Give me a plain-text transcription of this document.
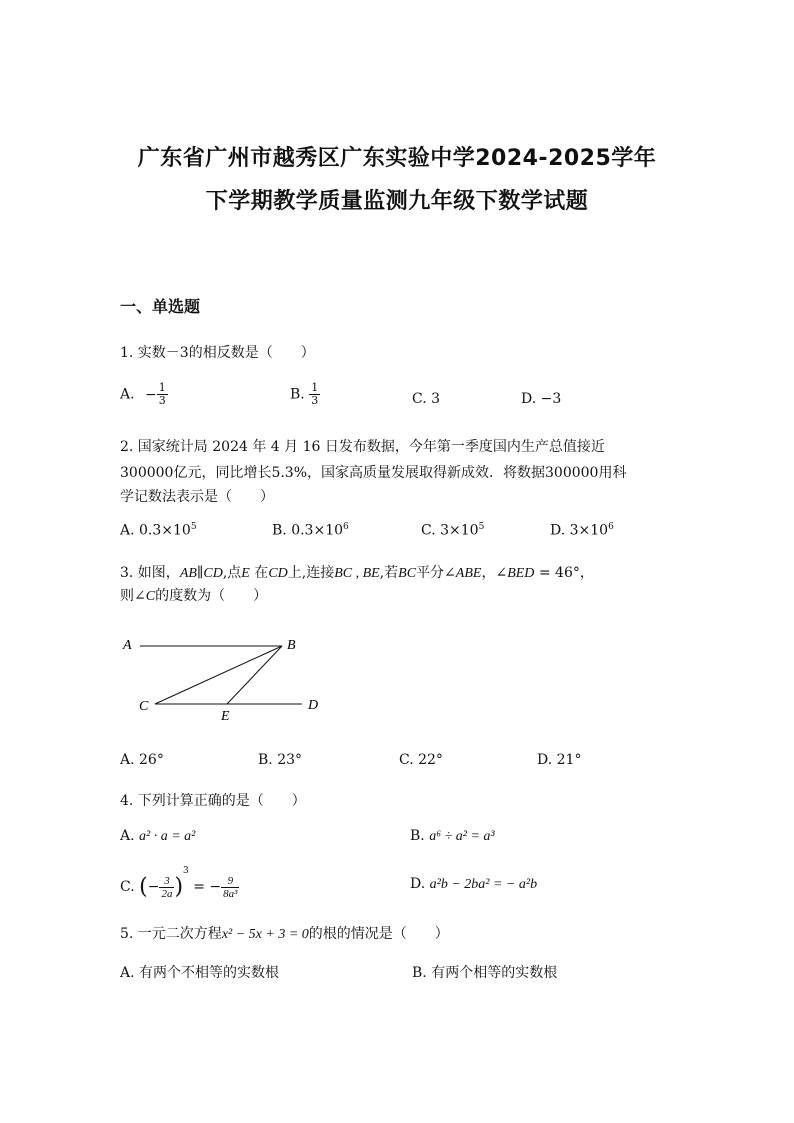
广东省广州市越秀区广东实验中学2024-2025学年
下学期教学质量监测九年级下数学试题
一、单选题
1. 实数－3的相反数是（　　）
A. − $\frac{1}{3}$	B. $\frac{1}{3}$	C. 3	D. −3
2. 国家统计局 2024 年 4 月 16 日发布数据，今年第一季度国内生产总值接近
300000亿元，同比增长5.3%，国家高质量发展取得新成效．将数据300000用科
学记数法表示是（　　）
A. $0.3\times 10^5$	B. $0.3\times 10^6$	C. $3\times 10^5$	D. $3\times 10^6$
3. 如图，AB∥CD,点E 在CD上,连接BC , BE,若BC平分∠ABE，∠BED = 46°，
则∠C的度数为（　　）
A	B
C	D
E
A. 26°	B. 23°	C. 22°	D. 21°
4. 下列计算正确的是（　　）
A. a² · a = a²	B. a⁶ ÷ a² = a³
C. (− $\frac{3}{2a} )^3$ = − $\frac{9}{\text{8a³}}$	D. a²b − 2ba² = − a²b
5. 一元二次方程x² − 5x + 3 = 0的根的情况是（　　）
A. 有两个不相等的实数根	B. 有两个相等的实数根
